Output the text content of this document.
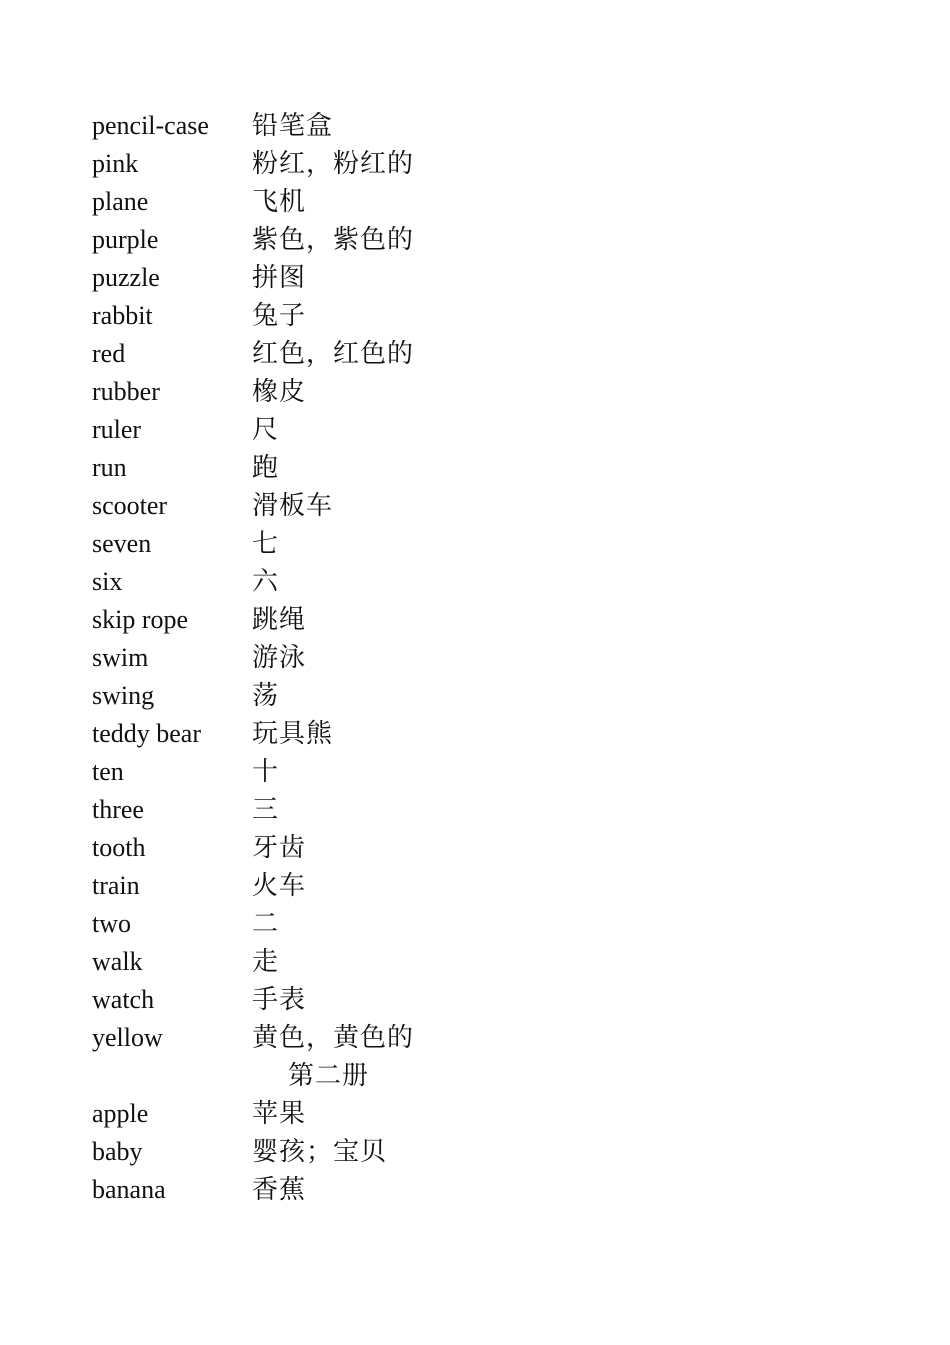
pencil-case	铅笔盒
pink	粉红，粉红的
plane	飞机
purple	紫色，紫色的
puzzle	拼图
rabbit	兔子
red	红色，红色的
rubber	橡皮
ruler	尺
run	跑
scooter	滑板车
seven	七
six	六
skip rope	跳绳
swim	游泳
swing	荡
teddy bear	玩具熊
ten	十
three	三
tooth	牙齿
train	火车
two	二
walk	走
watch	手表
yellow	黄色，黄色的
第二册
apple	苹果
baby	婴孩；宝贝
banana	香蕉
